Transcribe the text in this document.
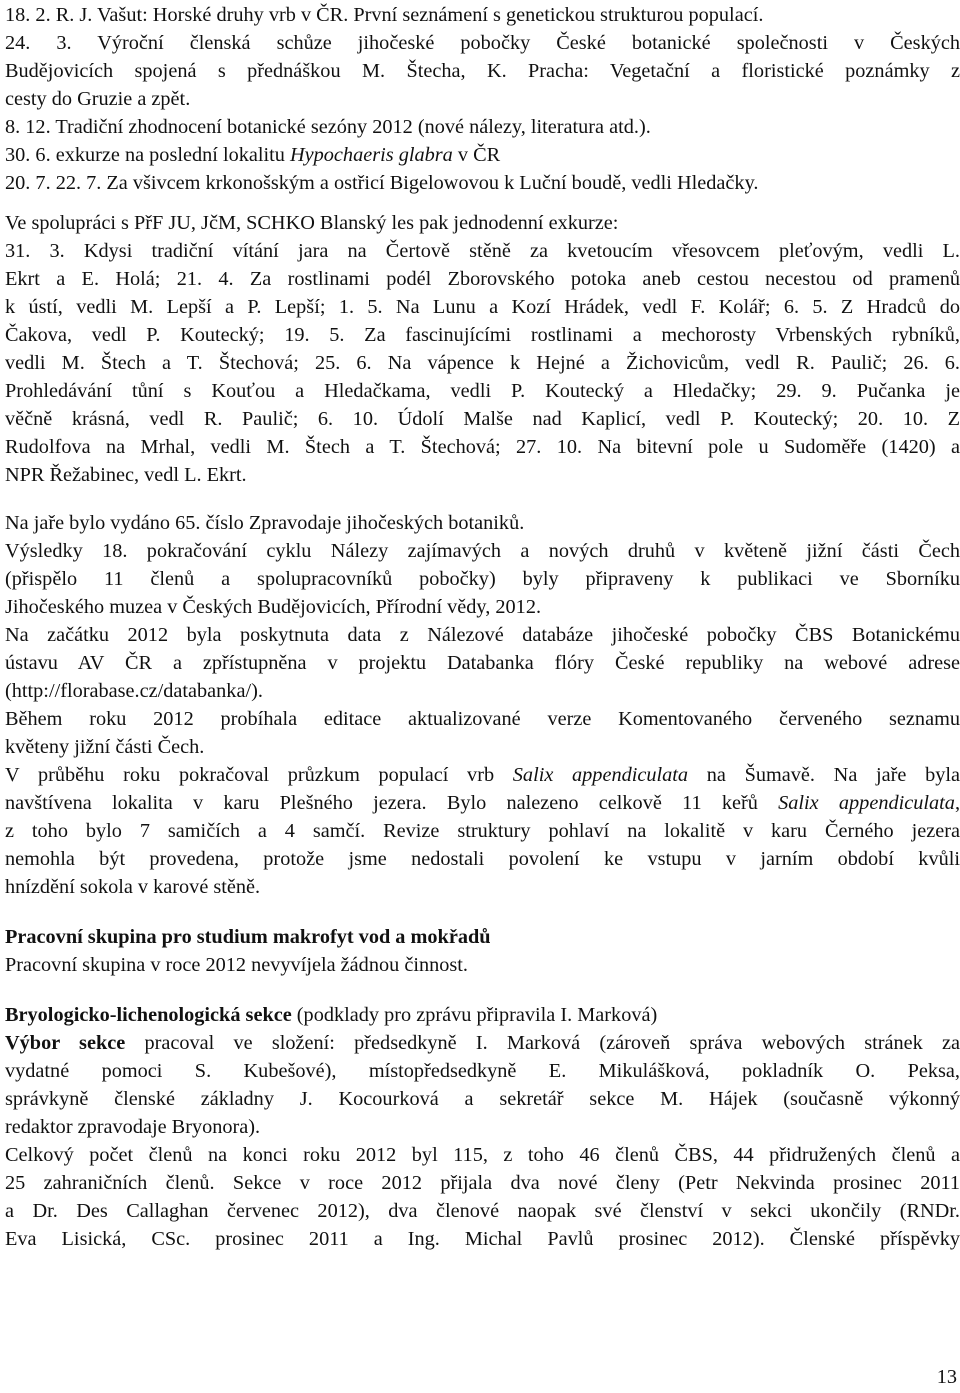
18. 2. R. J. Vašut: Horské druhy vrb v ČR. První seznámení s genetickou strukturou populací.
24. 3. Výroční členská schůze jihočeské pobočky České botanické společnosti v Českých
Budějovicích spojená s přednáškou M. Štecha, K. Pracha: Vegetační a floristické poznámky z
cesty do Gruzie a zpět.
8. 12. Tradiční zhodnocení botanické sezóny 2012 (nové nálezy, literatura atd.).
30. 6. exkurze na poslední lokalitu Hypochaeris glabra v ČR
20. 7. 22. 7. Za všivcem krkonošským a ostřicí Bigelowovou k Luční boudě, vedli Hledačky.
Ve spolupráci s PřF JU, JčM, SCHKO Blanský les pak jednodenní exkurze:
31. 3. Kdysi tradiční vítání jara na Čertově stěně za kvetoucím vřesovcem pleťovým, vedli L.
Ekrt a E. Holá; 21. 4. Za rostlinami podél Zborovského potoka aneb cestou necestou od pramenů
k ústí, vedli M. Lepší a P. Lepší; 1. 5. Na Lunu a Kozí Hrádek, vedl F. Kolář; 6. 5. Z Hradců do
Čakova, vedl P. Koutecký; 19. 5. Za fascinujícími rostlinami a mechorosty Vrbenských rybníků,
vedli M. Štech a T. Štechová; 25. 6. Na vápence k Hejné a Žichovicům, vedl R. Paulič; 26. 6.
Prohledávání tůní s Kouťou a Hledačkama, vedli P. Koutecký a Hledačky; 29. 9. Pučanka je
věčně krásná, vedl R. Paulič; 6. 10. Údolí Malše nad Kaplicí, vedl P. Koutecký; 20. 10. Z
Rudolfova na Mrhal, vedli M. Štech a T. Štechová; 27. 10. Na bitevní pole u Sudoměře (1420) a
NPR Řežabinec, vedl L. Ekrt.
Na jaře bylo vydáno 65. číslo Zpravodaje jihočeských botaniků.
Výsledky 18. pokračování cyklu Nálezy zajímavých a nových druhů v květeně jižní části Čech
(přispělo 11 členů a spolupracovníků pobočky) byly připraveny k publikaci ve Sborníku
Jihočeského muzea v Českých Budějovicích, Přírodní vědy, 2012.
Na začátku 2012 byla poskytnuta data z Nálezové databáze jihočeské pobočky ČBS Botanickému
ústavu AV ČR a zpřístupněna v projektu Databanka flóry České republiky na webové adrese
(http://florabase.cz/databanka/).
Během roku 2012 probíhala editace aktualizované verze Komentovaného červeného seznamu
květeny jižní části Čech.
V průběhu roku pokračoval průzkum populací vrb Salix appendiculata na Šumavě. Na jaře byla
navštívena lokalita v karu Plešného jezera. Bylo nalezeno celkově 11 keřů Salix appendiculata,
z toho bylo 7 samičích a 4 samčí. Revize struktury pohlaví na lokalitě v karu Černého jezera
nemohla být provedena, protože jsme nedostali povolení ke vstupu v jarním období kvůli
hnízdění sokola v karové stěně.
Pracovní skupina pro studium makrofyt vod a mokřadů
Pracovní skupina v roce 2012 nevyvíjela žádnou činnost.
Bryologicko-lichenologická sekce (podklady pro zprávu připravila I. Marková)
Výbor sekce pracoval ve složení: předsedkyně I. Marková (zároveň správa webových stránek za
vydatné pomoci S. Kubešové), místopředsedkyně E. Mikulášková, pokladník O. Peksa,
správkyně členské základny J. Kocourková a sekretář sekce M. Hájek (současně výkonný
redaktor zpravodaje Bryonora).
Celkový počet členů na konci roku 2012 byl 115, z toho 46 členů ČBS, 44 přidružených členů a
25 zahraničních členů. Sekce v roce 2012 přijala dva nové členy (Petr Nekvinda prosinec 2011
a Dr. Des Callaghan červenec 2012), dva členové naopak své členství v sekci ukončily (RNDr.
Eva Lisická, CSc. prosinec 2011 a Ing. Michal Pavlů prosinec 2012). Členské příspěvky
13
